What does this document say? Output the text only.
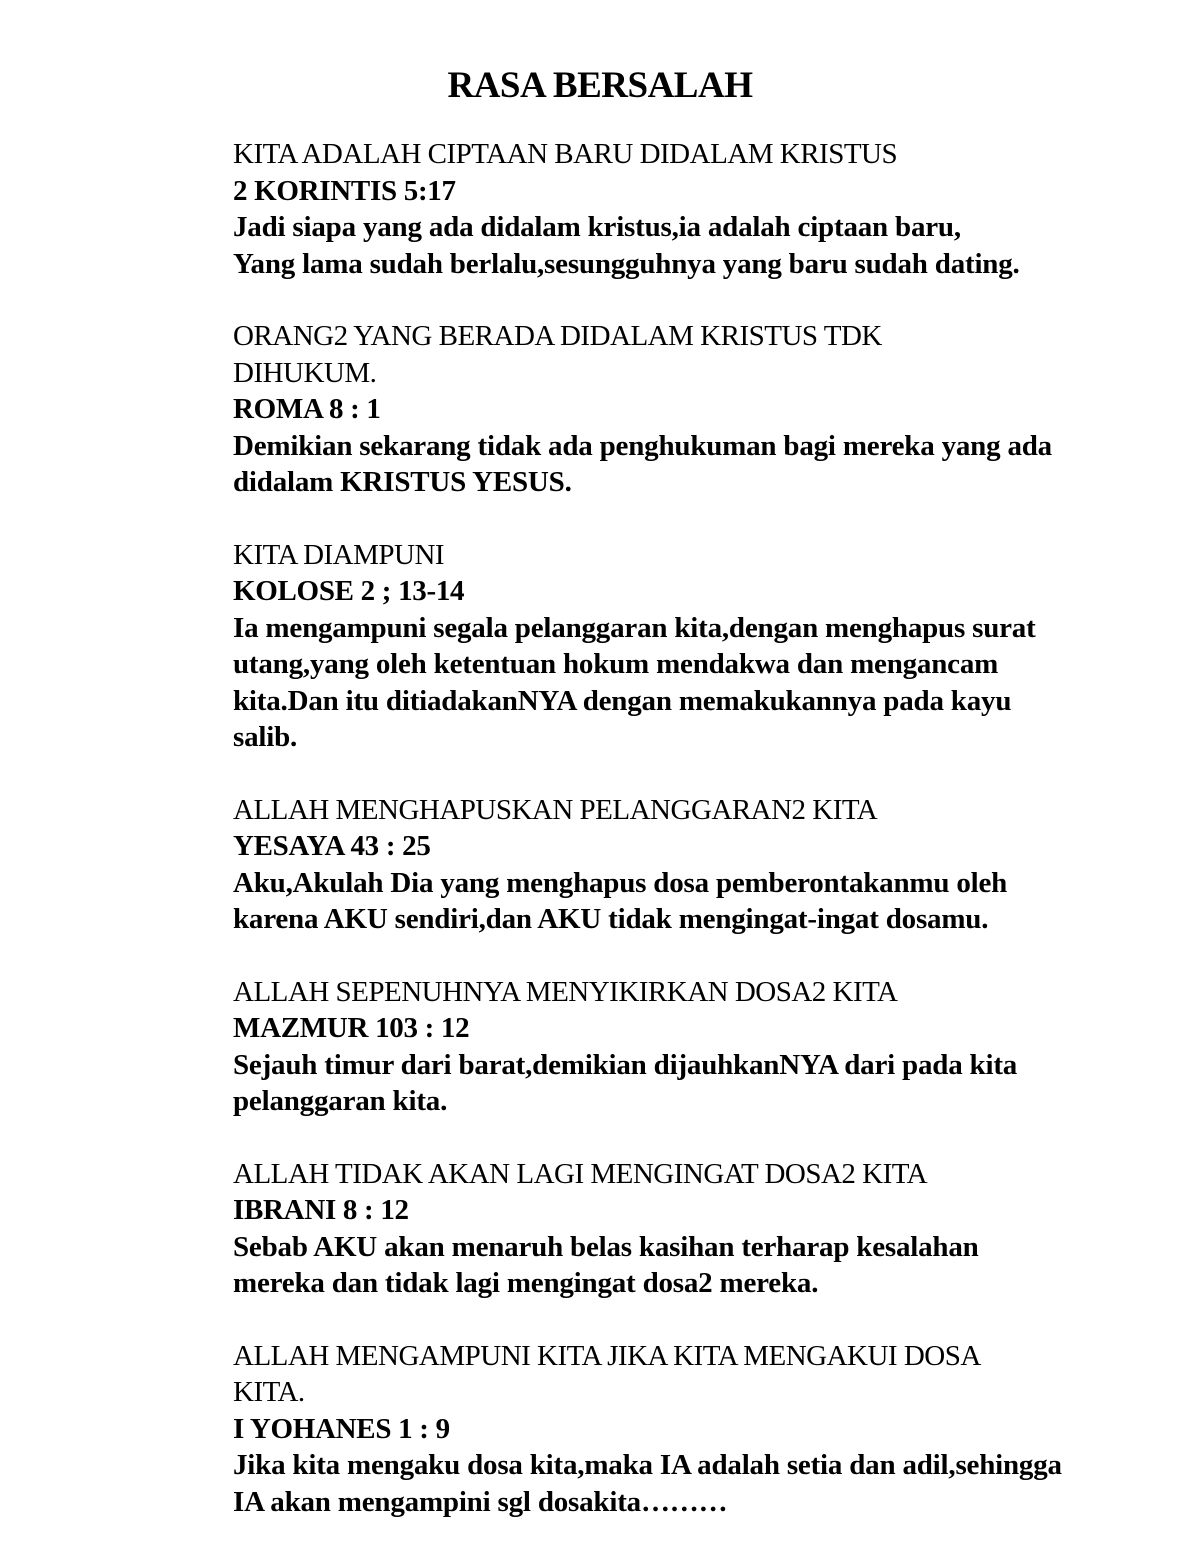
RASA BERSALAH

KITA ADALAH CIPTAAN BARU DIDALAM KRISTUS

2 KORINTIS 5:17

Jadi siapa yang ada didalam kristus,ia adalah ciptaan baru,

Yang lama sudah berlalu,sesungguhnya yang baru sudah dating.

ORANG2 YANG BERADA DIDALAM KRISTUS TDK

DIHUKUM.

ROMA 8 : 1

Demikian sekarang tidak ada penghukuman bagi mereka yang ada

didalam KRISTUS YESUS.

KITA DIAMPUNI

KOLOSE 2 ; 13-14

Ia mengampuni segala pelanggaran kita,dengan menghapus surat

utang,yang oleh ketentuan hokum mendakwa dan mengancam

kita.Dan itu ditiadakanNYA dengan memakukannya pada kayu

salib.

ALLAH MENGHAPUSKAN PELANGGARAN2 KITA

YESAYA 43 : 25

Aku,Akulah Dia yang menghapus dosa pemberontakanmu oleh

karena AKU sendiri,dan AKU tidak mengingat-ingat dosamu.

ALLAH SEPENUHNYA MENYIKIRKAN DOSA2 KITA

MAZMUR 103 : 12

Sejauh timur dari barat,demikian dijauhkanNYA dari pada kita

pelanggaran kita.

ALLAH TIDAK AKAN LAGI MENGINGAT DOSA2 KITA

IBRANI 8 : 12

Sebab AKU akan menaruh belas kasihan terharap kesalahan

mereka dan tidak lagi mengingat dosa2 mereka.

ALLAH MENGAMPUNI KITA JIKA KITA MENGAKUI DOSA

KITA.

I YOHANES 1 : 9

Jika kita mengaku dosa kita,maka IA adalah setia dan adil,sehingga

IA akan mengampini sgl dosakita………
